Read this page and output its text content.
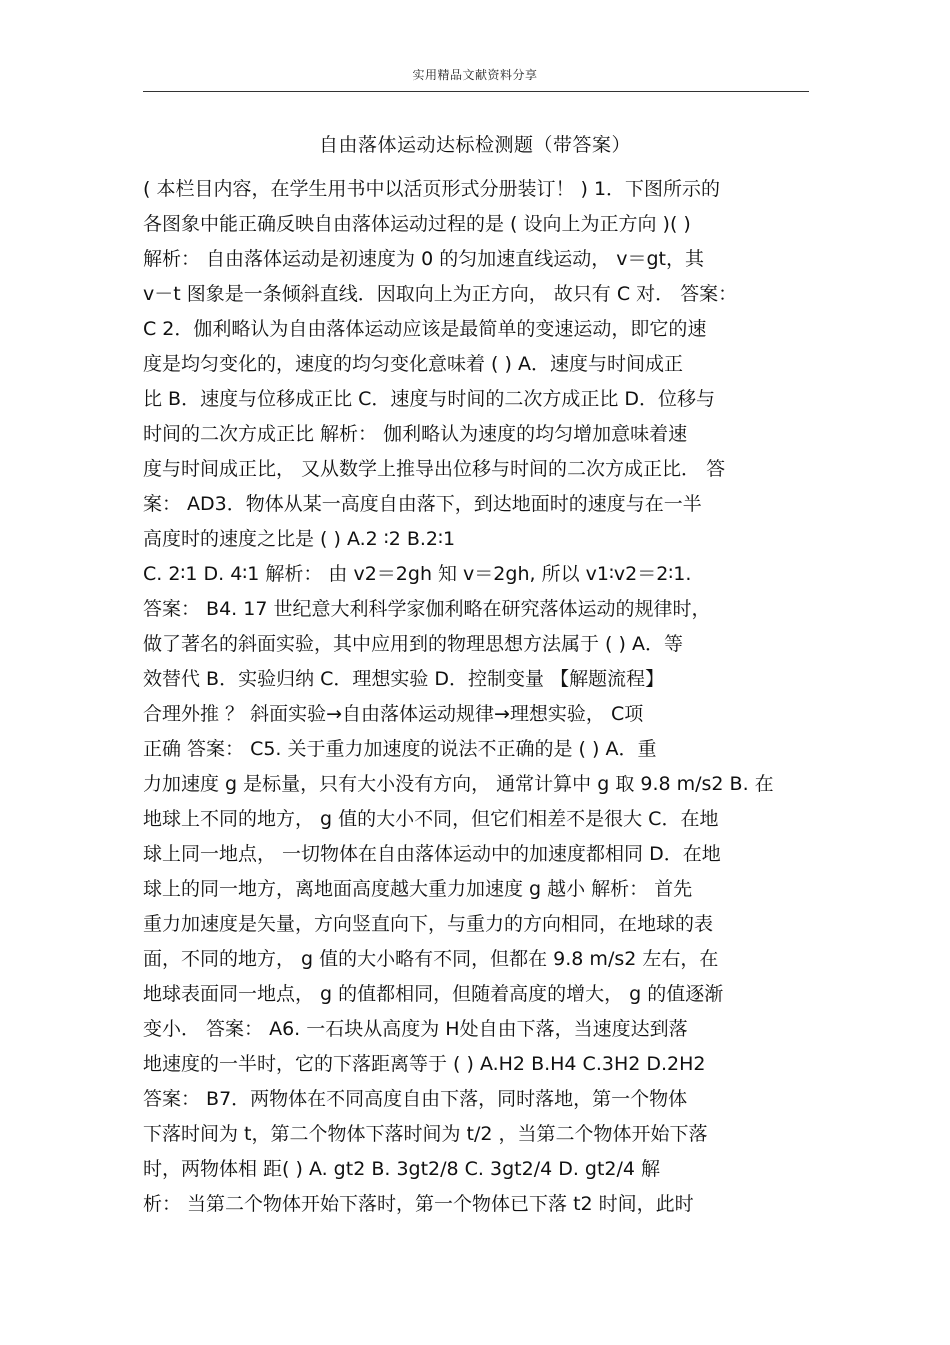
实用精品文献资料分享
自由落体运动达标检测题（带答案）
( 本栏目内容，在学生用书中以活页形式分册装订！ ) 1．下图所示的
各图象中能正确反映自由落体运动过程的是 ( 设向上为正方向 )( )
解析： 自由落体运动是初速度为 0 的匀加速直线运动， v＝gt，其
v－t 图象是一条倾斜直线．因取向上为正方向， 故只有 C 对． 答案：
C 2．伽利略认为自由落体运动应该是最简单的变速运动，即它的速
度是均匀变化的，速度的均匀变化意味着 ( ) A．速度与时间成正
比 B．速度与位移成正比 C．速度与时间的二次方成正比 D．位移与
时间的二次方成正比 解析： 伽利略认为速度的均匀增加意味着速
度与时间成正比， 又从数学上推导出位移与时间的二次方成正比． 答
案： AD3．物体从某一高度自由落下，到达地面时的速度与在一半
高度时的速度之比是 ( ) A.2 ∶2 B.2∶1
C. 2∶1 D. 4∶1 解析： 由 v2＝2gh 知 v＝2gh, 所以 v1∶v2＝2∶1.
答案： B4. 17 世纪意大利科学家伽利略在研究落体运动的规律时，
做了著名的斜面实验，其中应用到的物理思想方法属于 ( ) A．等
效替代 B．实验归纳 C．理想实验 D．控制变量 【解题流程】
合理外推 ？ 斜面实验→自由落体运动规律→理想实验， C项
正确 答案： C5. 关于重力加速度的说法不正确的是 ( ) A．重
力加速度 g 是标量，只有大小没有方向， 通常计算中 g 取 9.8 m/s2 B. 在
地球上不同的地方， g 值的大小不同，但它们相差不是很大 C．在地
球上同一地点， 一切物体在自由落体运动中的加速度都相同 D．在地
球上的同一地方，离地面高度越大重力加速度 g 越小 解析： 首先
重力加速度是矢量，方向竖直向下，与重力的方向相同，在地球的表
面，不同的地方， g 值的大小略有不同，但都在 9.8 m/s2 左右，在
地球表面同一地点， g 的值都相同，但随着高度的增大， g 的值逐渐
变小． 答案： A6. 一石块从高度为 H处自由下落，当速度达到落
地速度的一半时，它的下落距离等于 ( ) A.H2 B.H4 C.3H2 D.2H2
答案： B7．两物体在不同高度自由下落，同时落地，第一个物体
下落时间为 t，第二个物体下落时间为 t/2 ，当第二个物体开始下落
时，两物体相 距( ) A. gt2 B. 3gt2/8 C. 3gt2/4 D. gt2/4 解
析： 当第二个物体开始下落时，第一个物体已下落 t2 时间，此时
